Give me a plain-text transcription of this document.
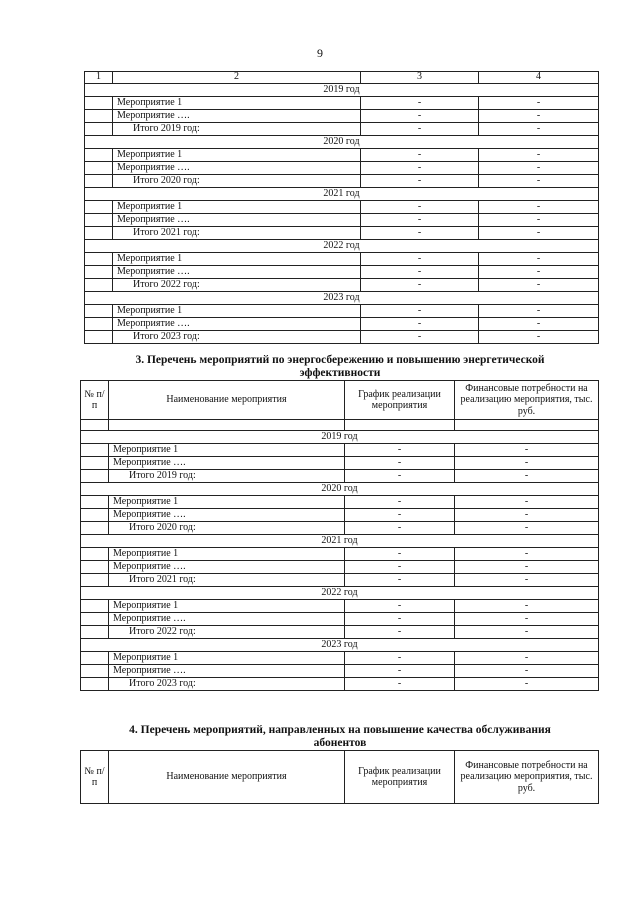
9
1	2	3	4
2019 год			
	Мероприятие 1	-	-
	Мероприятие ….	-	-
	Итого 2019 год:	-	-
2020 год			
	Мероприятие 1	-	-
	Мероприятие ….	-	-
	Итого 2020 год:	-	-
2021 год			
	Мероприятие 1	-	-
	Мероприятие ….	-	-
	Итого 2021 год:	-	-
2022 год			
	Мероприятие 1	-	-
	Мероприятие ….	-	-
	Итого 2022 год:	-	-
2023 год			
	Мероприятие 1	-	-
	Мероприятие ….	-	-
	Итого 2023 год:	-	-
3. Перечень мероприятий по энергосбережению и повышению энергетической
эффективности
№ п/п	Наименование мероприятия	График реализации мероприятия	Финансовые потребности на реализацию мероприятия, тыс. руб.

2019 год			
	Мероприятие 1	-	-
	Мероприятие ….	-	-
	Итого 2019 год:	-	-
2020 год			
	Мероприятие 1	-	-
	Мероприятие ….	-	-
	Итого 2020 год:	-	-
2021 год			
	Мероприятие 1	-	-
	Мероприятие ….	-	-
	Итого 2021 год:	-	-
2022 год			
	Мероприятие 1	-	-
	Мероприятие ….	-	-
	Итого 2022 год:	-	-
2023 год			
	Мероприятие 1	-	-
	Мероприятие ….	-	-
	Итого 2023 год:	-	-
4. Перечень мероприятий, направленных на повышение качества обслуживания
абонентов
№ п/п	Наименование мероприятия	График реализации мероприятия	Финансовые потребности на реализацию мероприятия, тыс. руб.
